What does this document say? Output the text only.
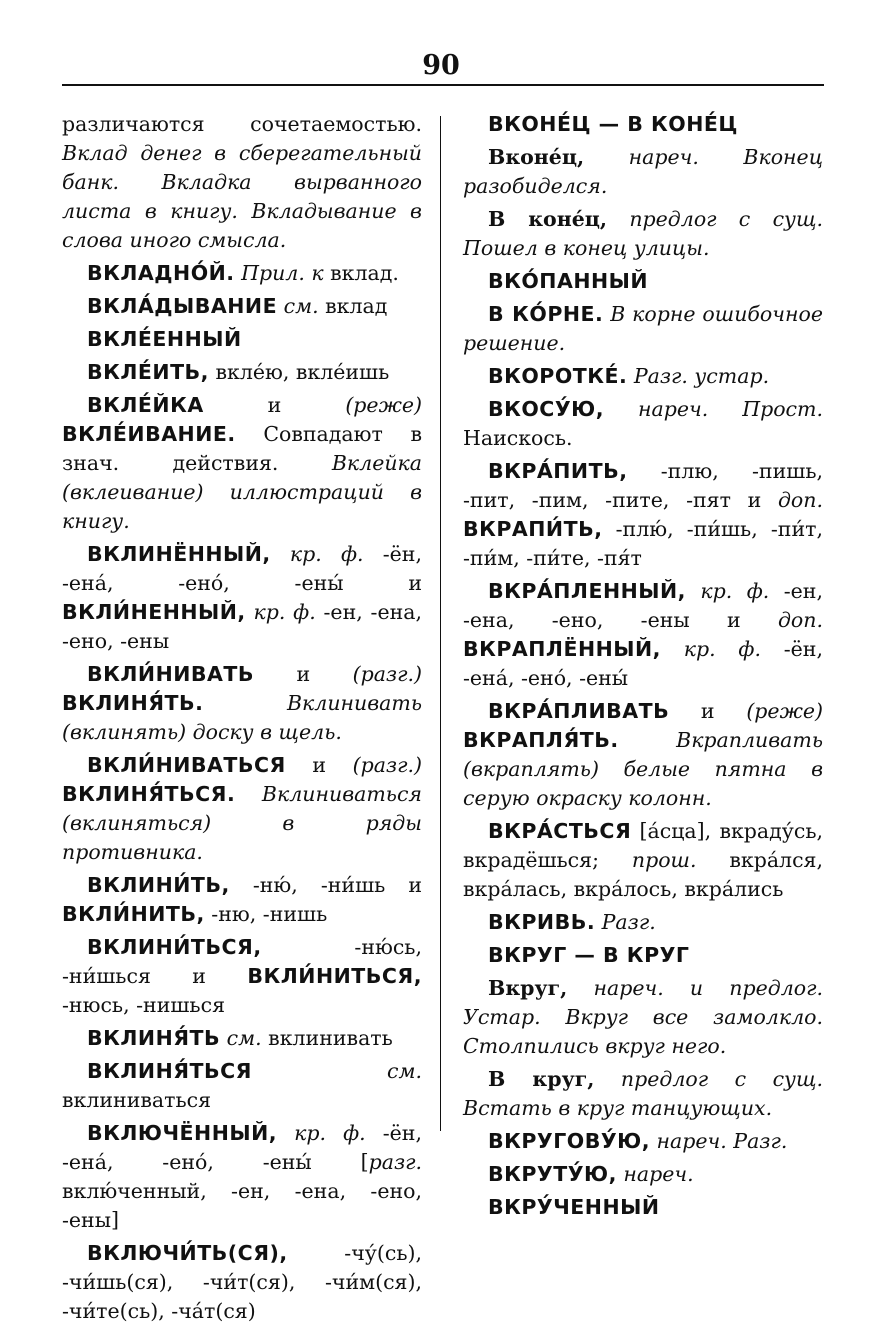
90

различаются сочетаемостью. Вклад денег в сберегательный банк. Вкладка вырванного листа в книгу. Вкладывание в слова иного смысла.

ВКЛАДНО́Й. Прил. к вклад.

ВКЛА́ДЫВАНИЕ см. вклад

ВКЛЕ́ЕННЫЙ

ВКЛЕ́ИТЬ, вкле́ю, вкле́ишь

ВКЛЕ́ЙКА и (реже) ВКЛЕ́ИВАНИЕ. Совпадают в знач. действия. Вклейка (вклеивание) иллюстраций в книгу.

ВКЛИНЁННЫЙ, кр. ф. -ён, -ена́, -ено́, -ены́ и ВКЛИ́НЕННЫЙ, кр. ф. -ен, -ена, -ено, -ены

ВКЛИ́НИВАТЬ и (разг.) ВКЛИНЯ́ТЬ.	Вклинивать (вклинять) доску в щель.

ВКЛИ́НИВАТЬСЯ и (разг.) ВКЛИНЯ́ТЬСЯ. Вклиниваться (вклиняться) в ряды противника.

ВКЛИНИ́ТЬ, -ню́, -ни́шь и ВКЛИ́НИТЬ, -ню, -нишь

ВКЛИНИ́ТЬСЯ, -ню́сь, -ни́шься и ВКЛИ́НИТЬСЯ, -нюсь, -нишься

ВКЛИНЯ́ТЬ см. вклинивать

ВКЛИНЯ́ТЬСЯ	см. вклиниваться

ВКЛЮЧЁННЫЙ, кр. ф. -ён, -ена́, -ено́, -ены́ [разг. вклю́ченный, -ен, -ена, -ено, -ены]

ВКЛЮЧИ́ТЬ(СЯ), -чу́(сь), -чи́шь(ся), -чи́т(ся), -чи́м(ся), -чи́те(сь), -ча́т(ся)

ВКОНЕ́Ц — В КОНЕ́Ц

Вконе́ц, нареч. Вконец разобиделся.

В коне́ц, предлог с сущ. Пошел в конец улицы.

ВКО́ПАННЫЙ

В КО́РНЕ. В корне ошибочное решение.

ВКОРОТКЕ́. Разг. устар.

ВКОСУ́Ю, нареч. Прост. Наискось.

ВКРА́ПИТЬ, -плю, -пишь, -пит, -пим, -пите, -пят и доп. ВКРАПИ́ТЬ, -плю́, -пи́шь, -пи́т, -пи́м, -пи́те, -пя́т

ВКРА́ПЛЕННЫЙ, кр. ф. -ен, -ена, -ено, -ены и доп. ВКРАПЛЁННЫЙ, кр. ф. -ён, -ена́, -ено́, -ены́

ВКРА́ПЛИВАТЬ и (реже) ВКРАПЛЯ́ТЬ.	Вкрапливать (вкраплять) белые пятна в серую окраску колонн.

ВКРА́СТЬСЯ [а́сца], вкраду́сь, вкрадёшься; прош. вкра́лся, вкра́лась, вкра́лось, вкра́лись

ВКРИВЬ. Разг.

ВКРУГ — В КРУГ

Вкруг, нареч. и предлог. Устар. Вкруг все замолкло. Столпились вкруг него.

В круг, предлог с сущ. Встать в круг танцующих.

ВКРУГОВУ́Ю, нареч. Разг.

ВКРУТУ́Ю, нареч.

ВКРУ́ЧЕННЫЙ
